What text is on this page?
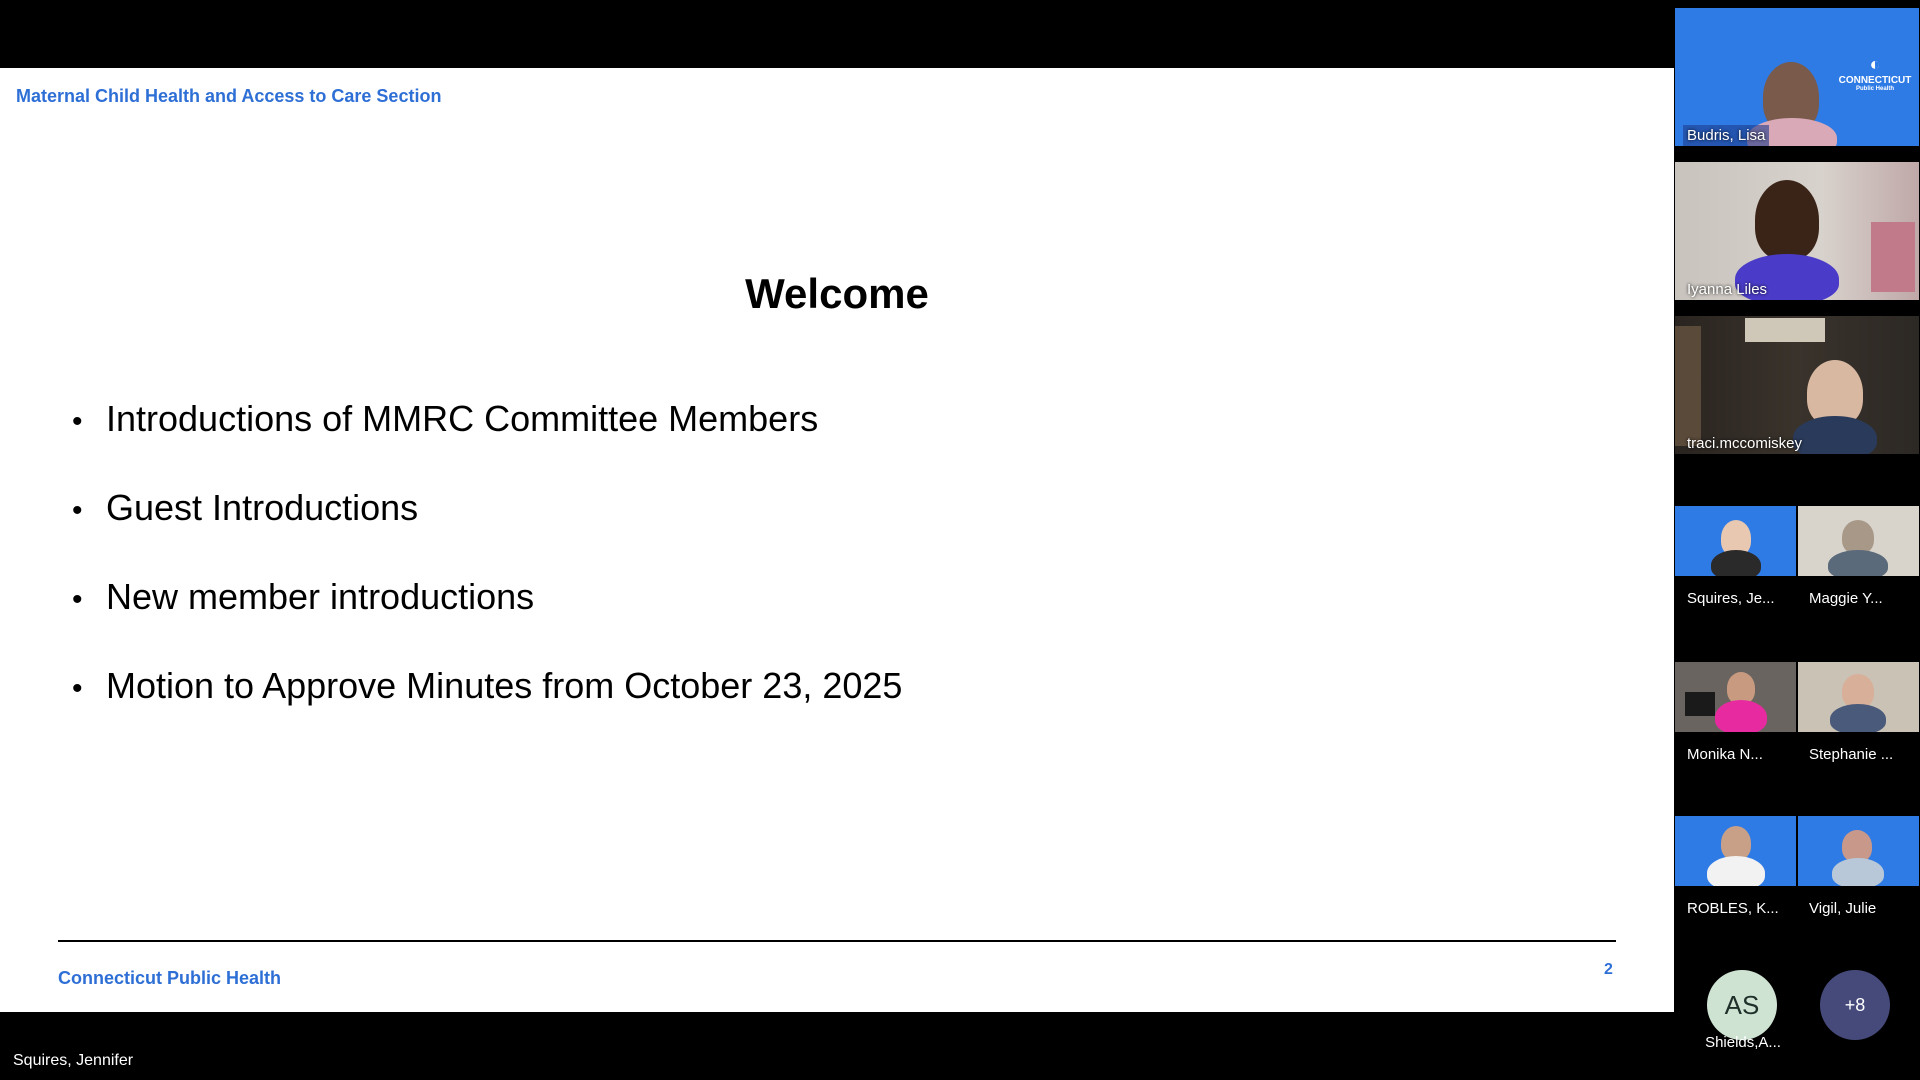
Maternal Child Health and Access to Care Section
Welcome
• Introductions of MMRC Committee Members
• Guest Introductions
• New member introductions
• Motion to Approve Minutes from October 23, 2025
Connecticut Public Health	2
Squires, Jennifer
◐
CONNECTICUT
Public Health
Budris, Lisa
Iyanna Liles
traci.mccomiskey
Squires, Je... Maggie Y...
Monika N...	Stephanie ...
ROBLES, K... Vigil, Julie
AS
Shields,A...
+8
